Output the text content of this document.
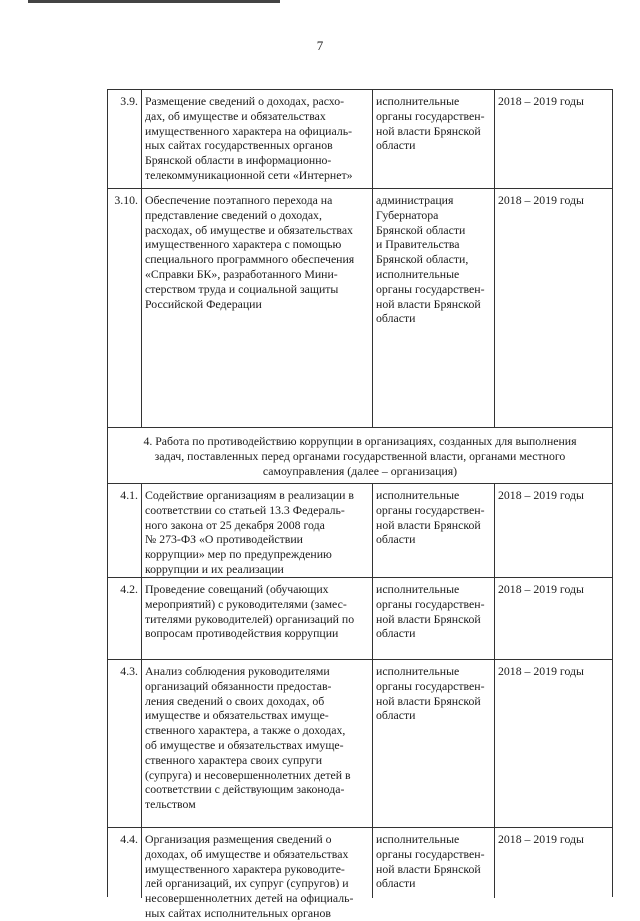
7
3.9. Размещение сведений о доходах, расхо-
дах, об имуществе и обязательствах
имущественного характера на официаль-
ных сайтах государственных органов
Брянской области в информационно-
телекоммуникационной сети «Интернет»
исполнительные
органы государствен-
ной власти Брянской
области
2018 – 2019 годы
3.10. Обеспечение поэтапного перехода на
представление сведений о доходах,
расходах, об имуществе и обязательствах
имущественного характера с помощью
специального программного обеспечения
«Справки БК», разработанного Мини-
стерством труда и социальной защиты
Российской Федерации
администрация
Губернатора
Брянской области
и Правительства
Брянской области,
исполнительные
органы государствен-
ной власти Брянской
области
2018 – 2019 годы
4. Работа по противодействию коррупции в организациях, созданных для выполнения
задач, поставленных перед органами государственной власти, органами местного
самоуправления (далее – организация)
4.1. Содействие организациям в реализации в
соответствии со статьей 13.3 Федераль-
ного закона от 25 декабря 2008 года
№ 273-ФЗ «О противодействии
коррупции» мер по предупреждению
коррупции и их реализации
исполнительные
органы государствен-
ной власти Брянской
области
2018 – 2019 годы
4.2. Проведение совещаний (обучающих
мероприятий) с руководителями (замес-
тителями руководителей) организаций по
вопросам противодействия коррупции
исполнительные
органы государствен-
ной власти Брянской
области
2018 – 2019 годы
4.3. Анализ соблюдения руководителями
организаций обязанности предостав-
ления сведений о своих доходах, об
имуществе и обязательствах имуще-
ственного характера, а также о доходах,
об имуществе и обязательствах имуще-
ственного характера своих супруги
(супруга) и несовершеннолетних детей в
соответствии с действующим законода-
тельством
исполнительные
органы государствен-
ной власти Брянской
области
2018 – 2019 годы
4.4. Организация размещения сведений о
доходах, об имуществе и обязательствах
имущественного характера руководите-
лей организаций, их супруг (супругов) и
несовершеннолетних детей на официаль-
ных сайтах исполнительных органов
исполнительные
органы государствен-
ной власти Брянской
области
2018 – 2019 годы
